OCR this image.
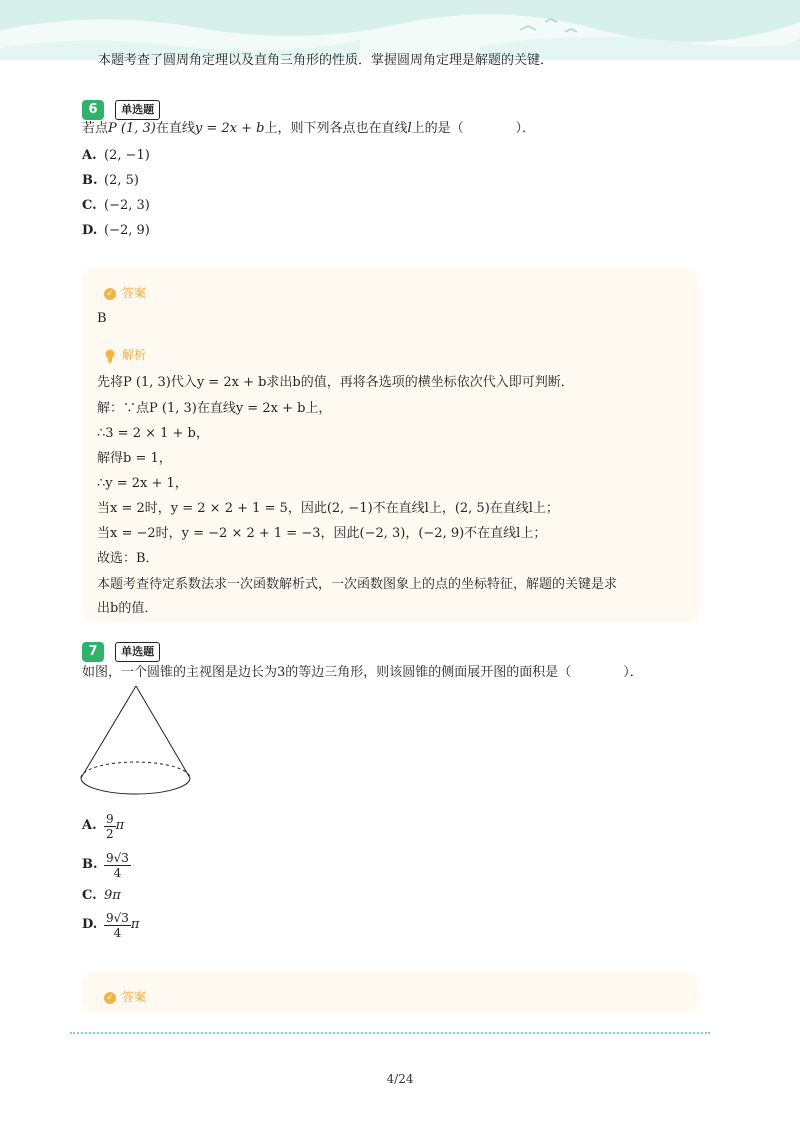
本题考查了圆周角定理以及直角三角形的性质．掌握圆周角定理是解题的关键．
6 单选题
若点P (1, 3)在直线y = 2x + b上，则下列各点也在直线l上的是（　　　　）．
A. (2, −1)
B. (2, 5)
C. (−2, 3)
D. (−2, 9)
✓ 答案
B
解析
先将P (1, 3)代入y = 2x + b求出b的值，再将各选项的横坐标依次代入即可判断．
解：∵点P (1, 3)在直线y = 2x + b上，
∴3 = 2 × 1 + b，
解得b = 1，
∴y = 2x + 1，
当x = 2时，y = 2 × 2 + 1 = 5，因此(2, −1)不在直线l上，(2, 5)在直线l上；
当x = −2时，y = −2 × 2 + 1 = −3，因此(−2, 3)，(−2, 9)不在直线l上；
故选：B．
本题考查待定系数法求一次函数解析式，一次函数图象上的点的坐标特征，解题的关键是求
出b的值．
7 单选题
如图，一个圆锥的主视图是边长为3的等边三角形，则该圆锥的侧面展开图的面积是（　　　　）．
A. $\frac{9}{2}$ π
B. $\frac{9√3}{4}$
C. 9π
D. $\frac{9√3}{4}$ π
✓ 答案
4/24
